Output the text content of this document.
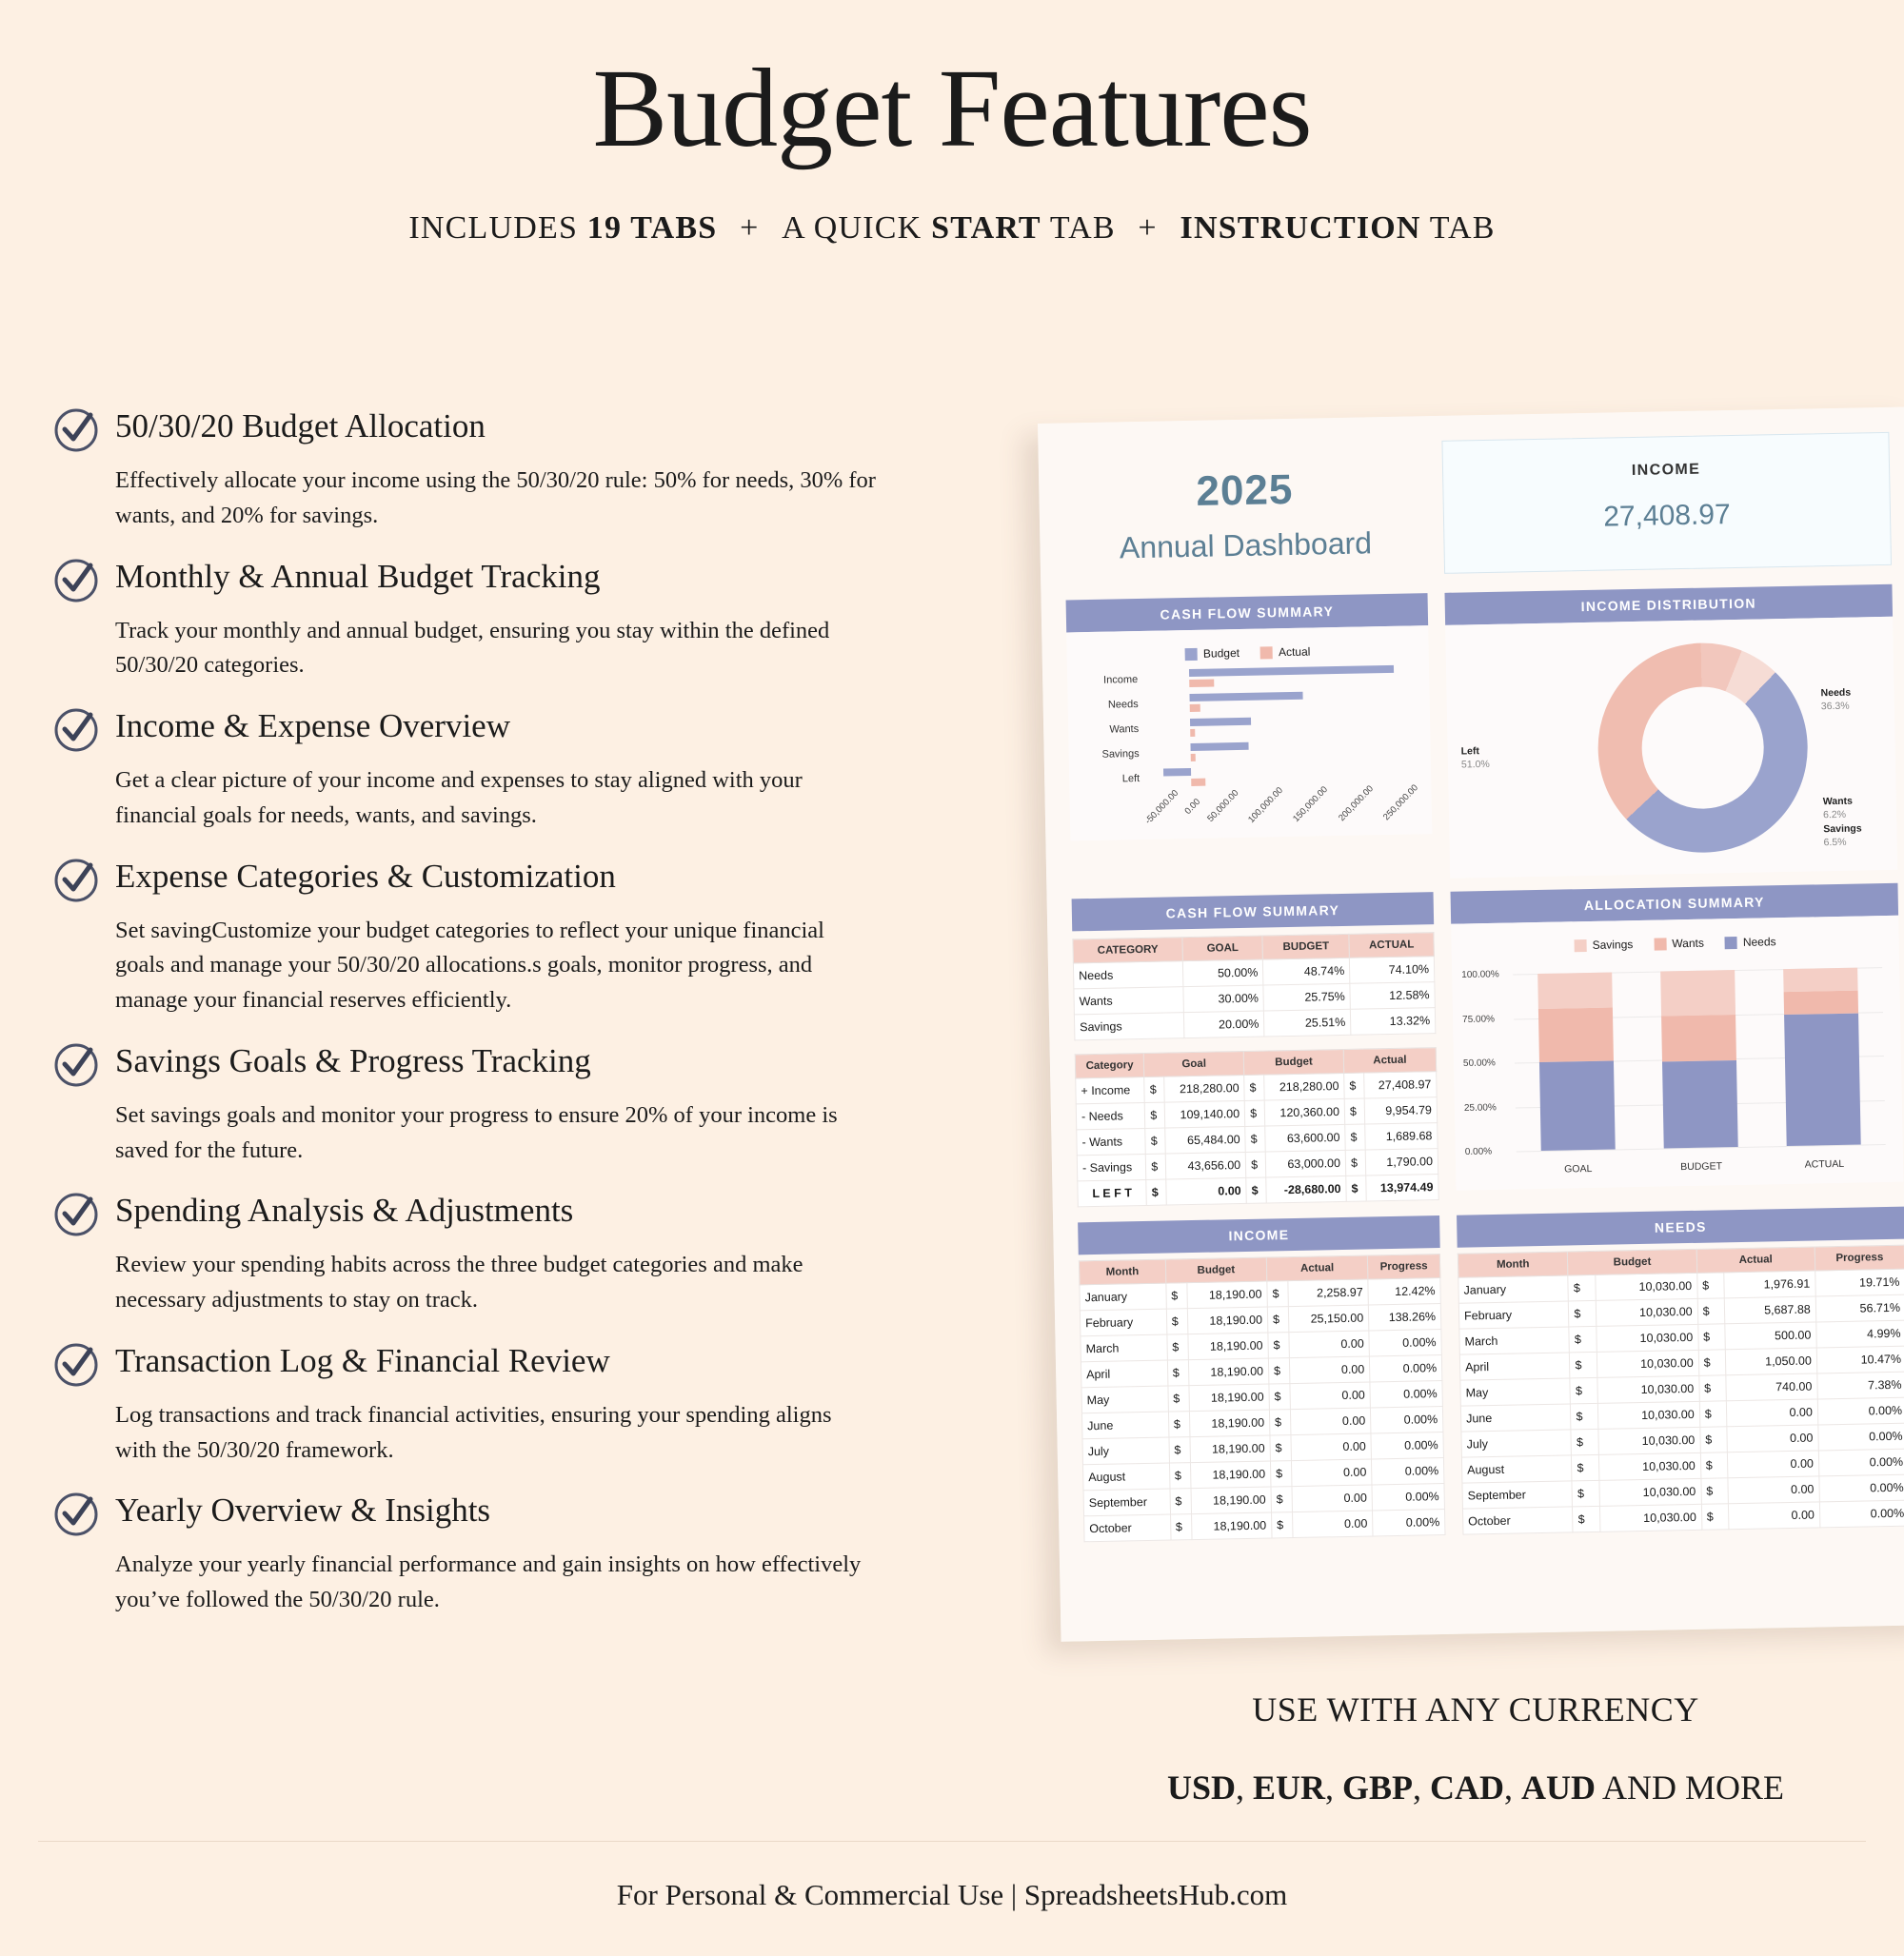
Budget Features
INCLUDES 19 TABS + A QUICK START TAB + INSTRUCTION TAB
50/30/20 Budget Allocation
Effectively allocate your income using the 50/30/20 rule: 50% for needs, 30% for wants, and 20% for savings.
Monthly & Annual Budget Tracking
Track your monthly and annual budget, ensuring you stay within the defined 50/30/20 categories.
Income & Expense Overview
Get a clear picture of your income and expenses to stay aligned with your financial goals for needs, wants, and savings.
Expense Categories & Customization
Set savingCustomize your budget categories to reflect your unique financial goals and manage your 50/30/20 allocations.s goals, monitor progress, and manage your financial reserves efficiently.
Savings Goals & Progress Tracking
Set savings goals and monitor your progress to ensure 20% of your income is saved for the future.
Spending Analysis & Adjustments
Review your spending habits across the three budget categories and make necessary adjustments to stay on track.
Transaction Log & Financial Review
Log transactions and track financial activities, ensuring your spending aligns with the 50/30/20 framework.
Yearly Overview & Insights
Analyze your yearly financial performance and gain insights on how effectively you’ve followed the 50/30/20 rule.
2025
Annual Dashboard
INCOME
27,408.97
CASH FLOW SUMMARY
Budget	Actual
Income
Needs
Wants
Savings
Left
-50,000.00 0.00 50,000.00 100,000.00 150,000.00 200,000.00 250,000.00
INCOME DISTRIBUTION
Needs
36.3%
Wants
6.2%
Savings
6.5%
Left
51.0%
CASH FLOW SUMMARY
CATEGORY	GOAL	BUDGET	ACTUAL
Needs	50.00%	48.74%	74.10%
Wants	30.00%	25.75%	12.58%
Savings	20.00%	25.51%	13.32%
Category	Goal		Budget		Actual	
+ Income	$	218,280.00	$	218,280.00	$	27,408.97
- Needs	$	109,140.00	$	120,360.00	$	9,954.79
- Wants	$	65,484.00	$	63,600.00	$	1,689.68
- Savings	$	43,656.00	$	63,000.00	$	1,790.00
L E F T	$	0.00	$	-28,680.00	$	13,974.49
ALLOCATION SUMMARY
Savings	Wants	Needs
100.00%
75.00%
50.00%
25.00%
0.00%
GOAL	BUDGET	ACTUAL
INCOME
Month	Budget		Actual		Progress
January	$	18,190.00	$	2,258.97	12.42%
February	$	18,190.00	$	25,150.00	138.26%
March	$	18,190.00	$	0.00	0.00%
April	$	18,190.00	$	0.00	0.00%
May	$	18,190.00	$	0.00	0.00%
June	$	18,190.00	$	0.00	0.00%
July	$	18,190.00	$	0.00	0.00%
August	$	18,190.00	$	0.00	0.00%
September	$	18,190.00	$	0.00	0.00%
October	$	18,190.00	$	0.00	0.00%
NEEDS
Month	Budget		Actual		Progress
January	$	10,030.00	$	1,976.91	19.71%
February	$	10,030.00	$	5,687.88	56.71%
March	$	10,030.00	$	500.00	4.99%
April	$	10,030.00	$	1,050.00	10.47%
May	$	10,030.00	$	740.00	7.38%
June	$	10,030.00	$	0.00	0.00%
July	$	10,030.00	$	0.00	0.00%
August	$	10,030.00	$	0.00	0.00%
September	$	10,030.00	$	0.00	0.00%
October	$	10,030.00	$	0.00	0.00%
USE WITH ANY CURRENCY
USD, EUR, GBP, CAD, AUD AND MORE
For Personal & Commercial Use | SpreadsheetsHub.com
